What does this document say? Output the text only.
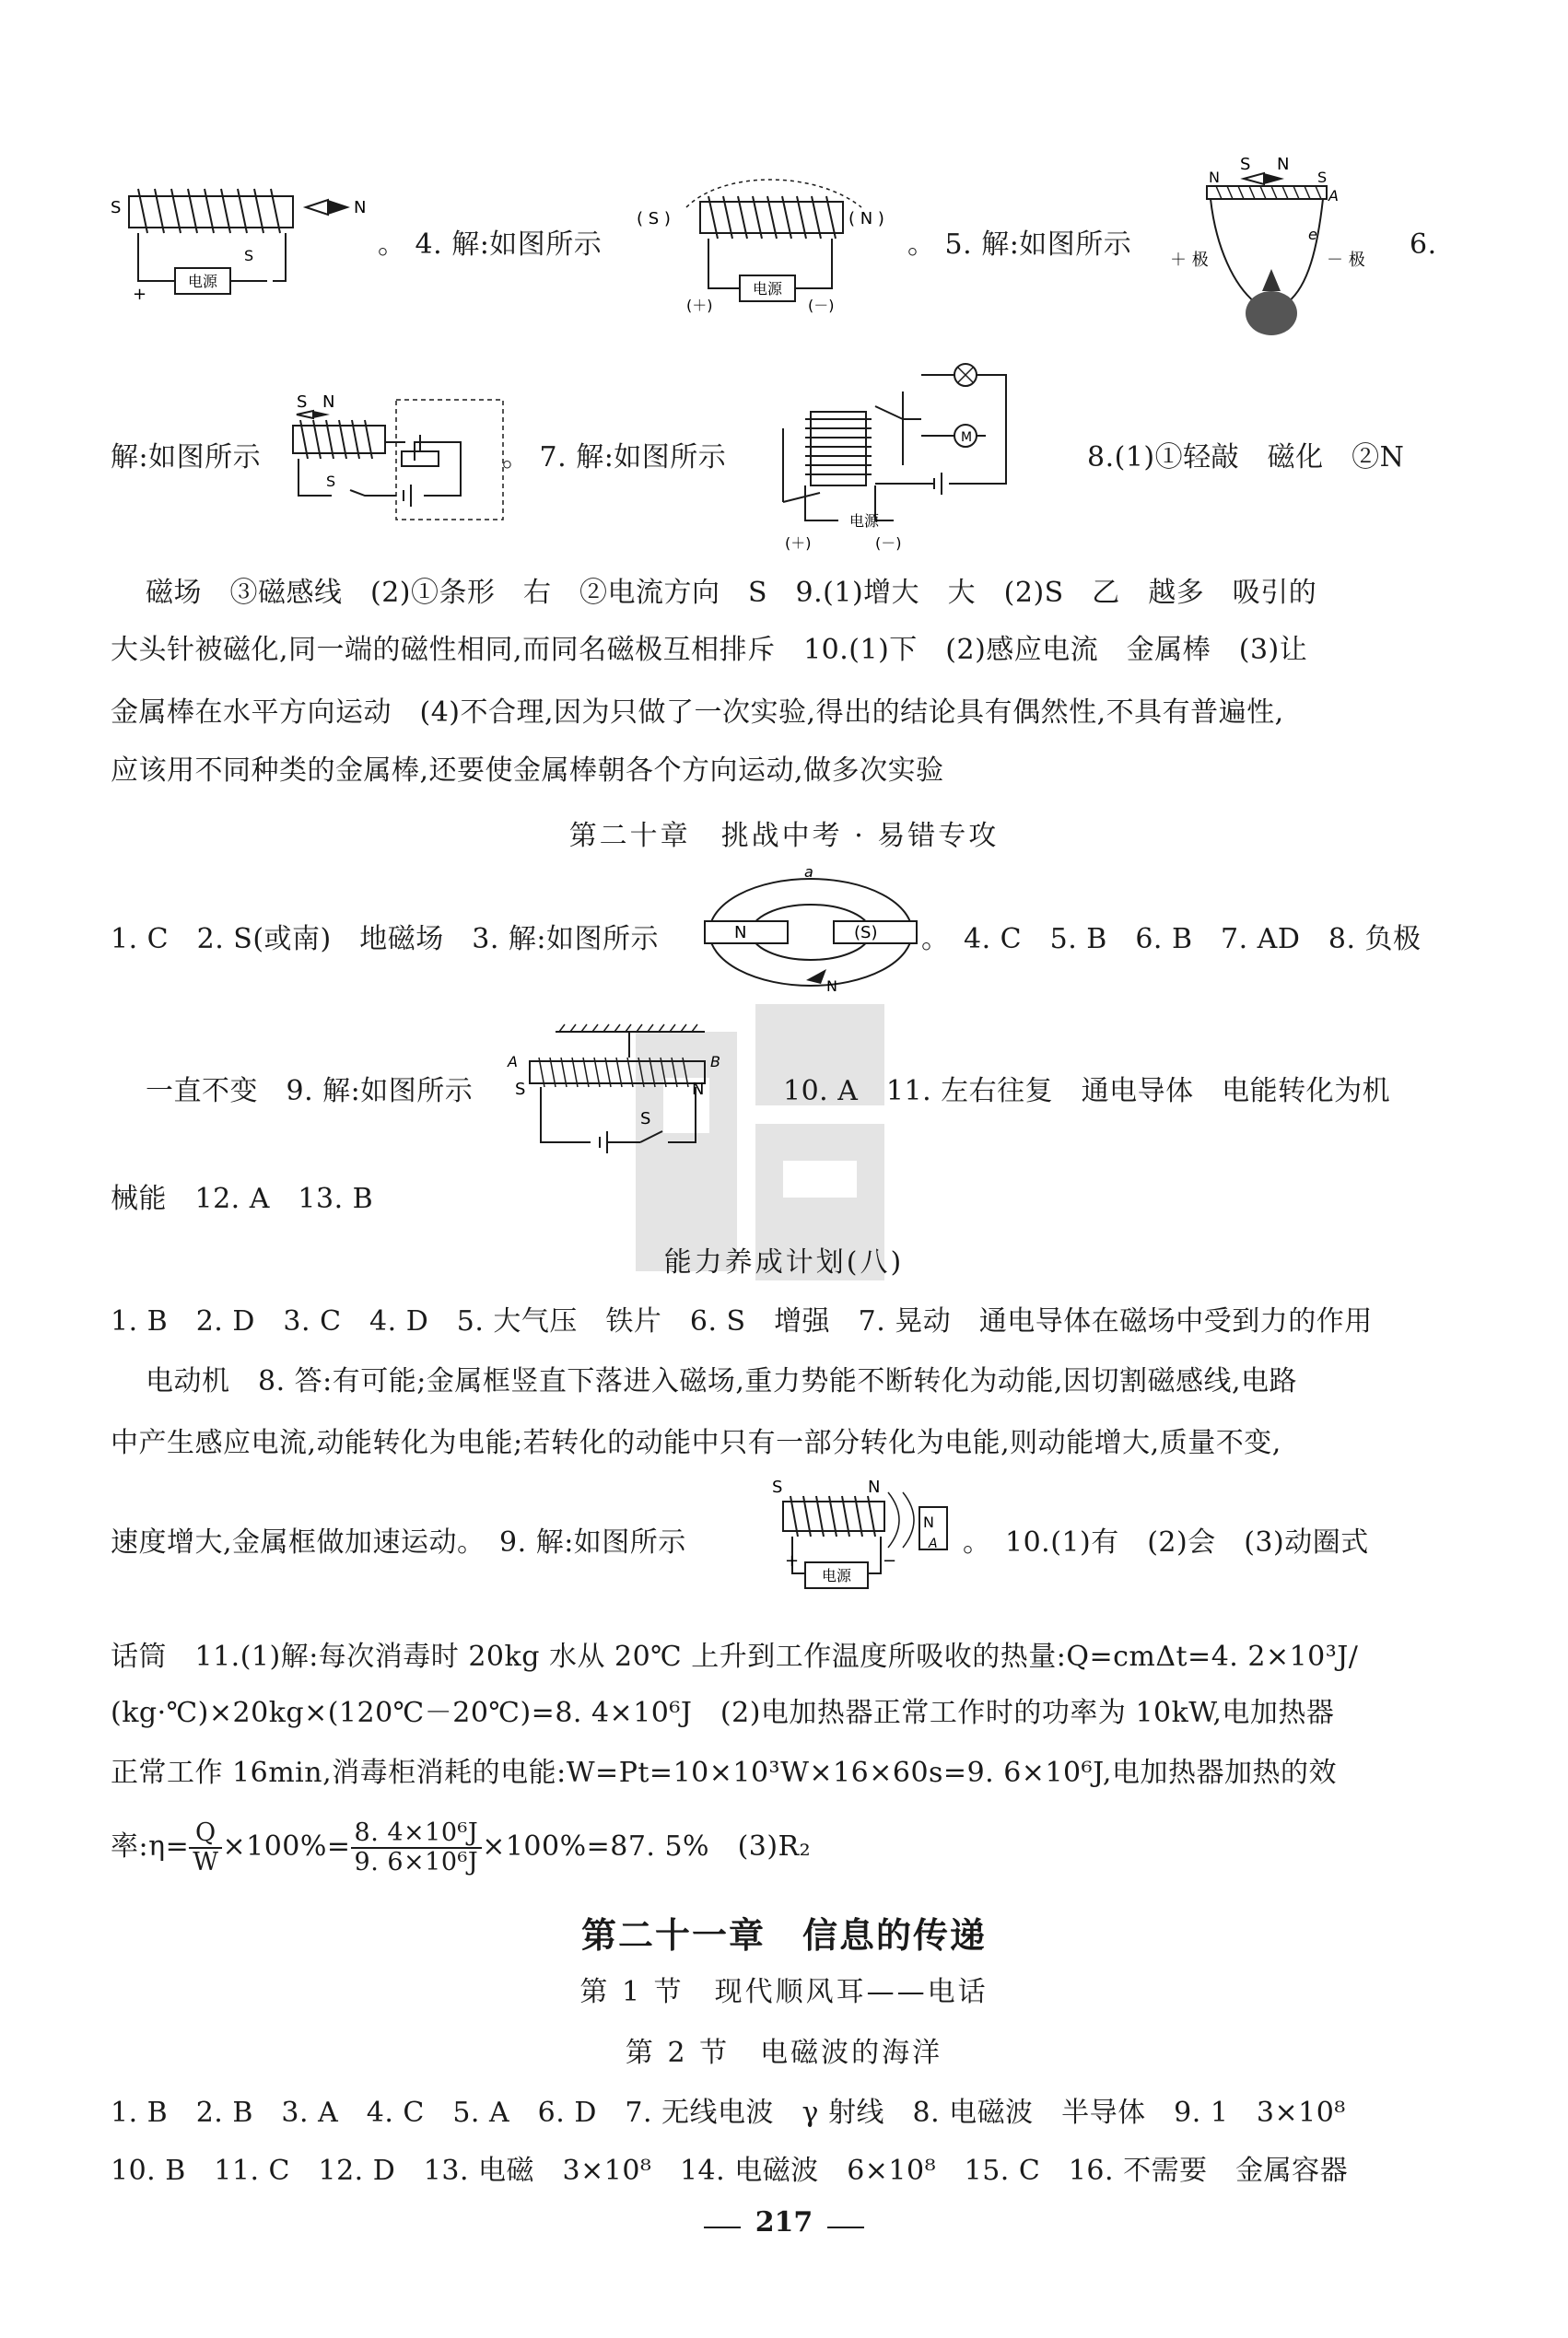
电源
S	N
S
+
。 4. 解:如图所示
电源
( S )	( N )
(＋)	(－)
。 5. 解:如图所示
S N
N	S
A
e
＋ 极	－ 极 6.
解:如图所示
S N
S
。 7. 解:如图所示
M
电源
(＋)	(－)
8.(1)①轻敲　磁化　②N
磁场　③磁感线　(2)①条形　右　②电流方向　S　9.(1)增大　大　(2)S　乙　越多　吸引的
大头针被磁化,同一端的磁性相同,而同名磁极互相排斥　10.(1)下　(2)感应电流　金属棒　(3)让
金属棒在水平方向运动　(4)不合理,因为只做了一次实验,得出的结论具有偶然性,不具有普遍性,
应该用不同种类的金属棒,还要使金属棒朝各个方向运动,做多次实验
第二十章　挑战中考 · 易错专攻
1. C　2. S(或南)　地磁场　3. 解:如图所示	N	(S)
a
N
。　4. C　5. B　6. B　7. AD　8. 负极
一直不变　9. 解:如图所示
A	B
S	N
S
10. A　11. 左右往复　通电导体　电能转化为机
械能　12. A　13. B
能力养成计划(八)
1. B　2. D　3. C　4. D　5. 大气压　铁片　6. S　增强　7. 晃动　通电导体在磁场中受到力的作用
电动机　8. 答:有可能;金属框竖直下落进入磁场,重力势能不断转化为动能,因切割磁感线,电路
中产生感应电流,动能转化为电能;若转化的动能中只有一部分转化为电能,则动能增大,质量不变,
速度增大,金属框做加速运动。　9. 解:如图所示
S	N
N
A
电源
+	−
。　10.(1)有　(2)会　(3)动圈式
话筒　11.(1)解:每次消毒时 20kg 水从 20℃ 上升到工作温度所吸收的热量:Q=cmΔt=4. 2×10³J/
(kg·℃)×20kg×(120℃－20℃)=8. 4×10⁶J　(2)电加热器正常工作时的功率为 10kW,电加热器
正常工作 16min,消毒柜消耗的电能:W=Pt=10×10³W×16×60s=9. 6×10⁶J,电加热器加热的效
率:η= $\frac{Q}{W} \times 100\%= \frac{\text{8. 4×10⁶J}}{\text{9. 6×10⁶J}} \times 100\%=87$. 5%　(3)R₂
第二十一章　信息的传递
第 1 节　现代顺风耳——电话
第 2 节　电磁波的海洋
1. B　2. B　3. A　4. C　5. A　6. D　7. 无线电波　γ 射线　8. 电磁波　半导体　9. 1　3×10⁸
10. B　11. C　12. D　13. 电磁　3×10⁸　14. 电磁波　6×10⁸　15. C　16. 不需要　金属容器
217
